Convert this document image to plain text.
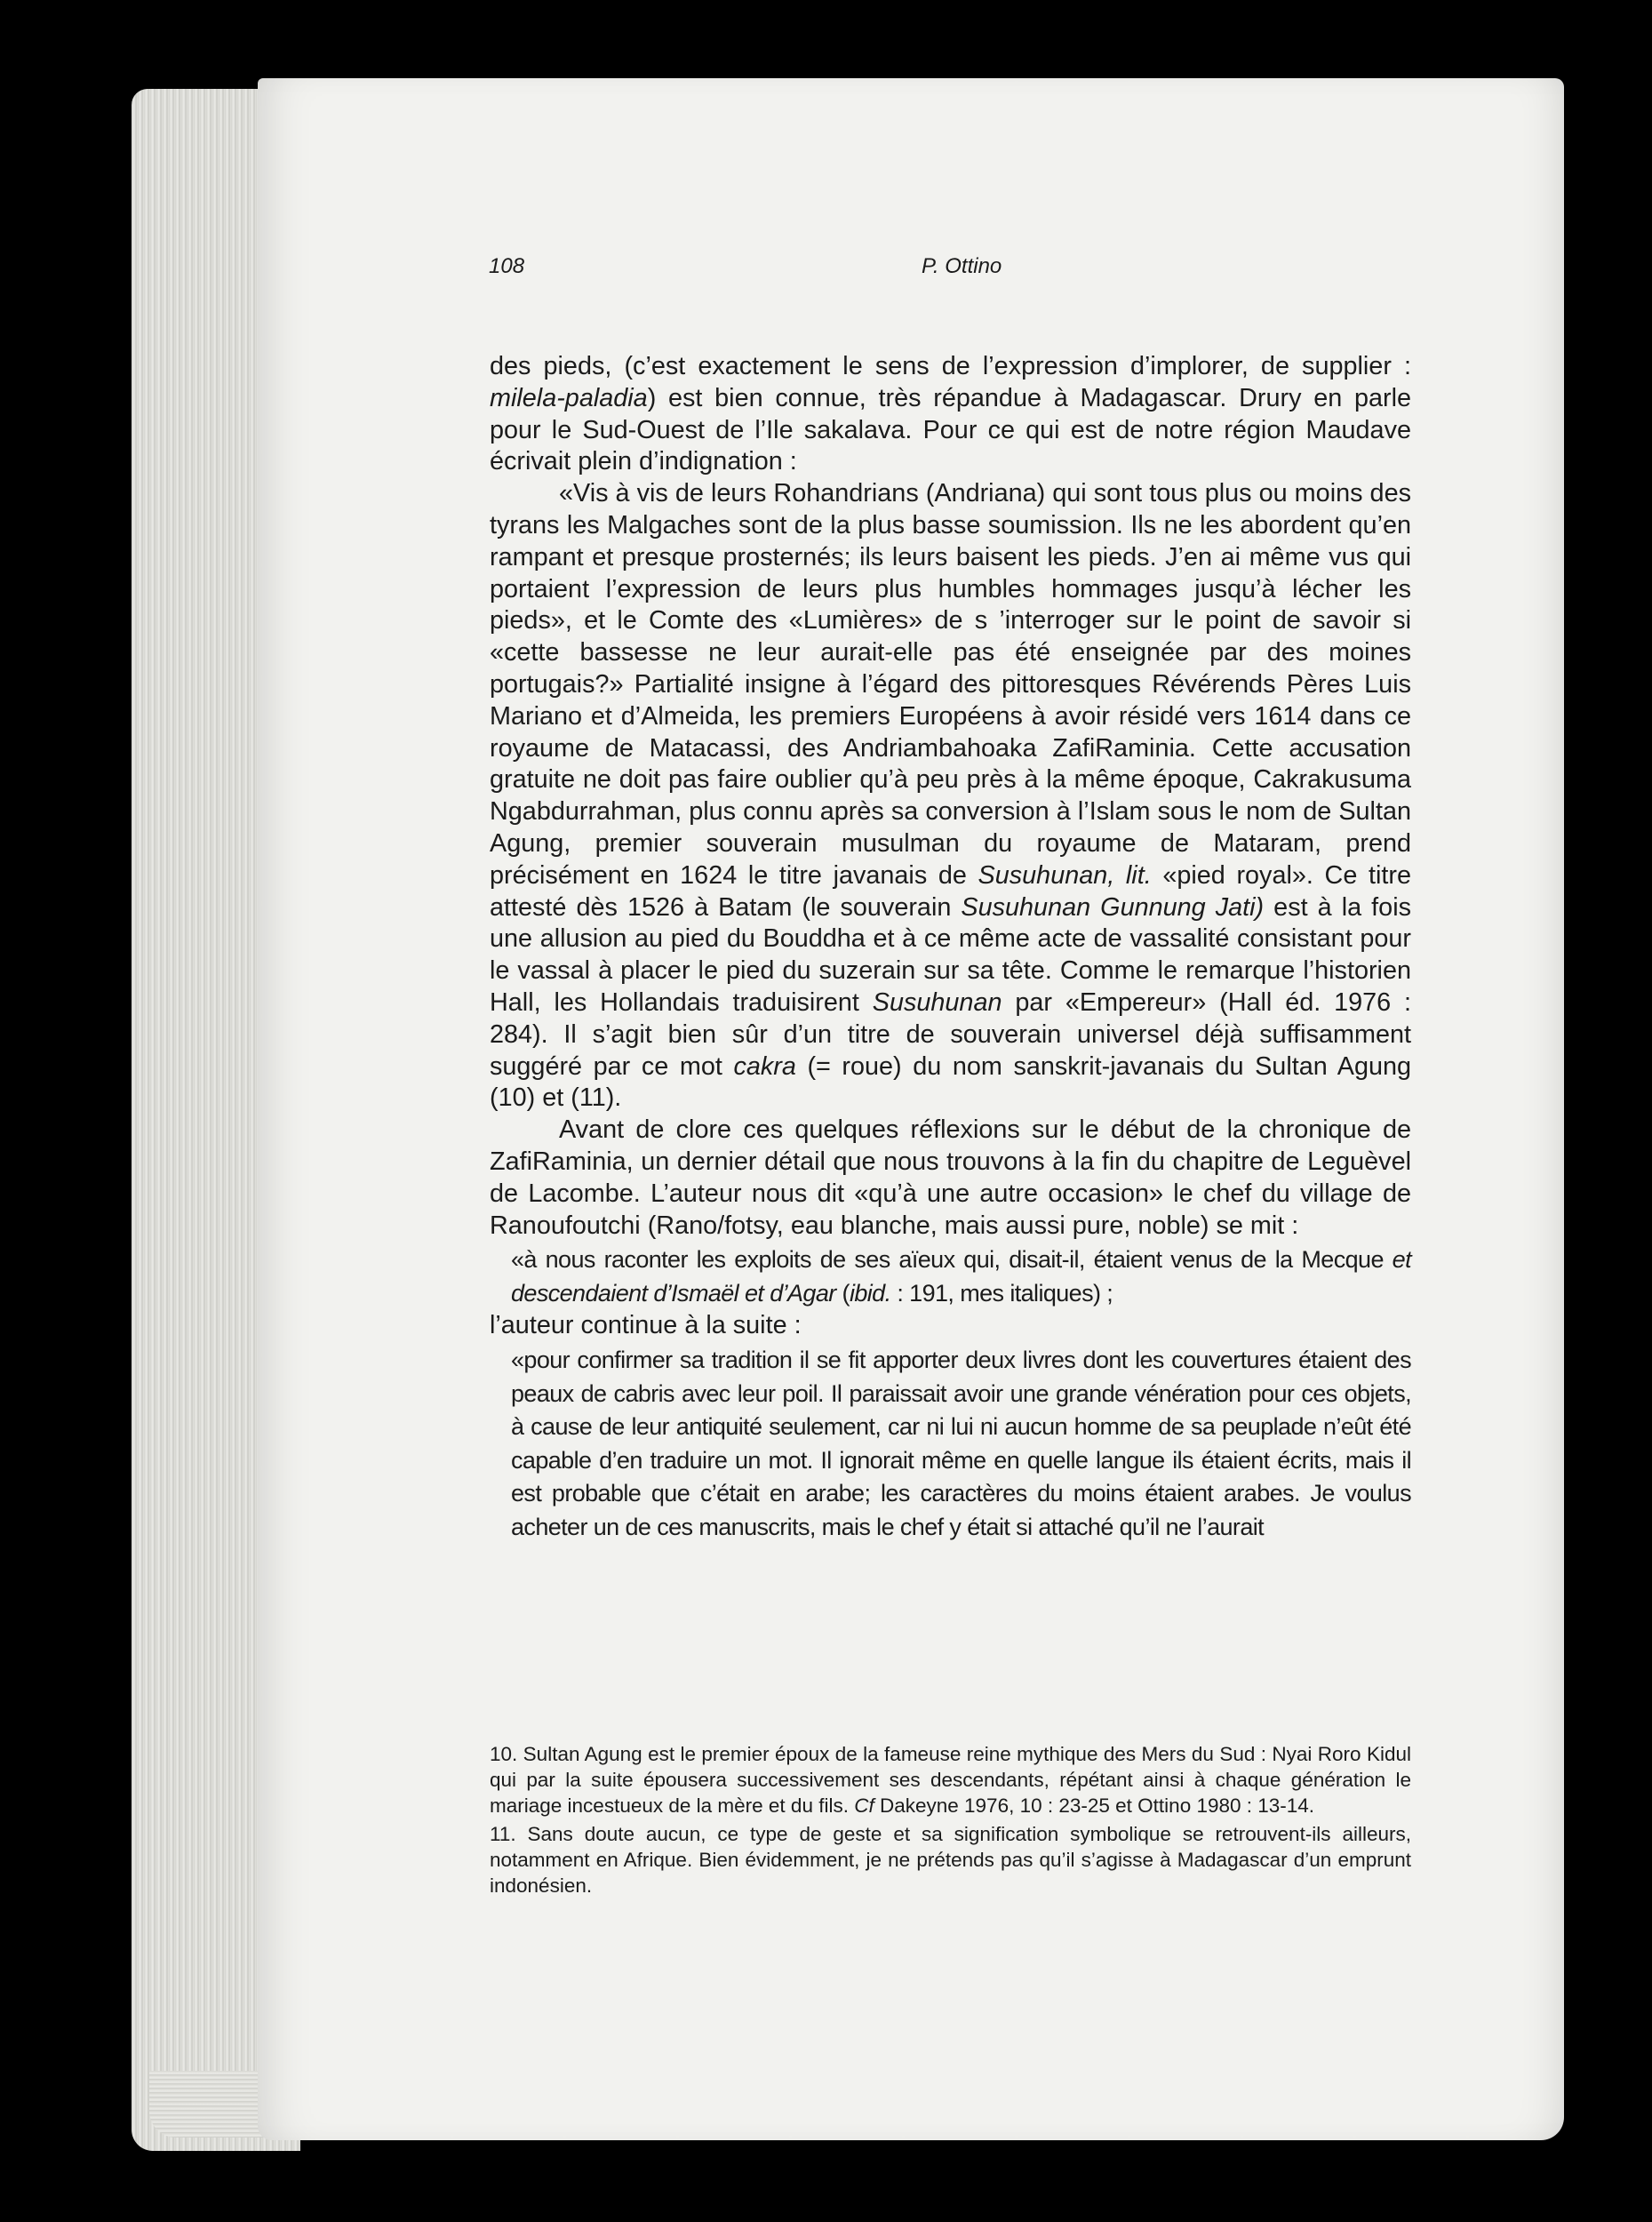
108	P. Ottino

des pieds, (c’est exactement le sens de l’expression d’implorer, de supplier : milela-paladia) est bien connue, très répandue à Madagascar. Drury en parle pour le Sud-Ouest de l’Ile sakalava. Pour ce qui est de notre région Maudave écrivait plein d’indignation :

«Vis à vis de leurs Rohandrians (Andriana) qui sont tous plus ou moins des tyrans les Malgaches sont de la plus basse soumission. Ils ne les abordent qu’en rampant et presque prosternés; ils leurs baisent les pieds. J’en ai même vus qui portaient l’expression de leurs plus humbles hommages jusqu’à lécher les pieds», et le Comte des «Lumières» de s ’interroger sur le point de savoir si «cette bassesse ne leur aurait-elle pas été enseignée par des moines portugais?» Partialité insigne à l’égard des pittoresques Révérends Pères Luis Mariano et d’Almeida, les premiers Européens à avoir résidé vers 1614 dans ce royaume de Matacassi, des Andriambahoaka ZafiRaminia. Cette accusation gratuite ne doit pas faire oublier qu’à peu près à la même époque, Cakrakusuma Ngabdurrahman, plus connu après sa conversion à l’Islam sous le nom de Sultan Agung, premier souverain musulman du royaume de Mataram, prend précisément en 1624 le titre javanais de Susuhunan, lit. «pied royal». Ce titre attesté dès 1526 à Batam (le souverain Susuhunan Gunnung Jati) est à la fois une allusion au pied du Bouddha et à ce même acte de vassalité consistant pour le vassal à placer le pied du suzerain sur sa tête. Comme le remarque l’historien Hall, les Hollandais traduisirent Susuhunan par «Empereur» (Hall éd. 1976 : 284). Il s’agit bien sûr d’un titre de souverain universel déjà suffisamment suggéré par ce mot cakra (= roue) du nom sanskrit-javanais du Sultan Agung (10) et (11).

Avant de clore ces quelques réflexions sur le début de la chronique de ZafiRaminia, un dernier détail que nous trouvons à la fin du chapitre de Leguèvel de Lacombe. L’auteur nous dit «qu’à une autre occasion» le chef du village de Ranoufoutchi (Rano/fotsy, eau blanche, mais aussi pure, noble) se mit :

«à nous raconter les exploits de ses aïeux qui, disait-il, étaient venus de la Mecque et descendaient d’Ismaël et d’Agar (ibid. : 191, mes italiques) ;

l’auteur continue à la suite :

«pour confirmer sa tradition il se fit apporter deux livres dont les couvertures étaient des peaux de cabris avec leur poil. Il paraissait avoir une grande vénération pour ces objets, à cause de leur antiquité seulement, car ni lui ni aucun homme de sa peuplade n’eût été capable d’en traduire un mot. Il ignorait même en quelle langue ils étaient écrits, mais il est probable que c’était en arabe; les caractères du moins étaient arabes. Je voulus acheter un de ces manuscrits, mais le chef y était si attaché qu’il ne l’aurait

10. Sultan Agung est le premier époux de la fameuse reine mythique des Mers du Sud : Nyai Roro Kidul qui par la suite épousera successivement ses descendants, répétant ainsi à chaque génération le mariage incestueux de la mère et du fils. Cf Dakeyne 1976, 10 : 23-25 et Ottino 1980 : 13-14.

11. Sans doute aucun, ce type de geste et sa signification symbolique se retrouvent-ils ailleurs, notamment en Afrique. Bien évidemment, je ne prétends pas qu’il s’agisse à Madagascar d’un emprunt indonésien.
